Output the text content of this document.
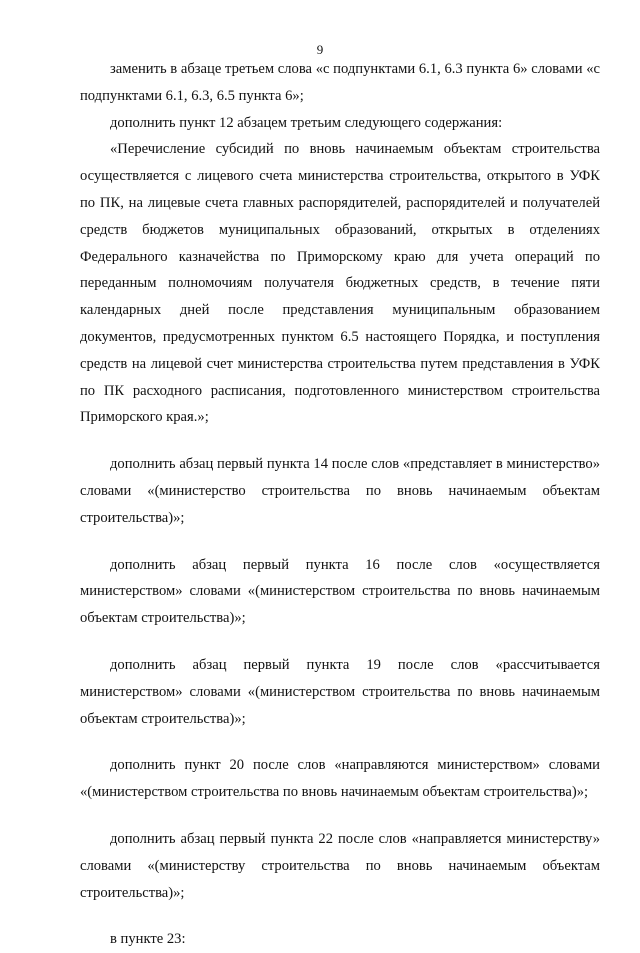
9

заменить в абзаце третьем слова «с подпунктами 6.1, 6.3 пункта 6» словами «с подпунктами 6.1, 6.3, 6.5 пункта 6»;

дополнить пункт 12 абзацем третьим следующего содержания:

«Перечисление субсидий по вновь начинаемым объектам строительства осуществляется с лицевого счета министерства строительства, открытого в УФК по ПК, на лицевые счета главных распорядителей, распорядителей и получателей средств бюджетов муниципальных образований, открытых в отделениях Федерального казначейства по Приморскому краю для учета операций по переданным полномочиям получателя бюджетных средств, в течение пяти календарных дней после представления муниципальным образованием документов, предусмотренных пунктом 6.5 настоящего Порядка, и поступления средств на лицевой счет министерства строительства путем представления в УФК по ПК расходного расписания, подготовленного министерством строительства Приморского края.»;

дополнить абзац первый пункта 14 после слов «представляет в министерство» словами «(министерство строительства по вновь начинаемым объектам строительства)»;

дополнить абзац первый пункта 16 после слов «осуществляется министерством» словами «(министерством строительства по вновь начинаемым объектам строительства)»;

дополнить абзац первый пункта 19 после слов «рассчитывается министерством» словами «(министерством строительства по вновь начинаемым объектам строительства)»;

дополнить пункт 20 после слов «направляются министерством» словами «(министерством строительства по вновь начинаемым объектам строительства)»;

дополнить абзац первый пункта 22 после слов «направляется министерству» словами «(министерству строительства по вновь начинаемым объектам строительства)»;

в пункте 23:
